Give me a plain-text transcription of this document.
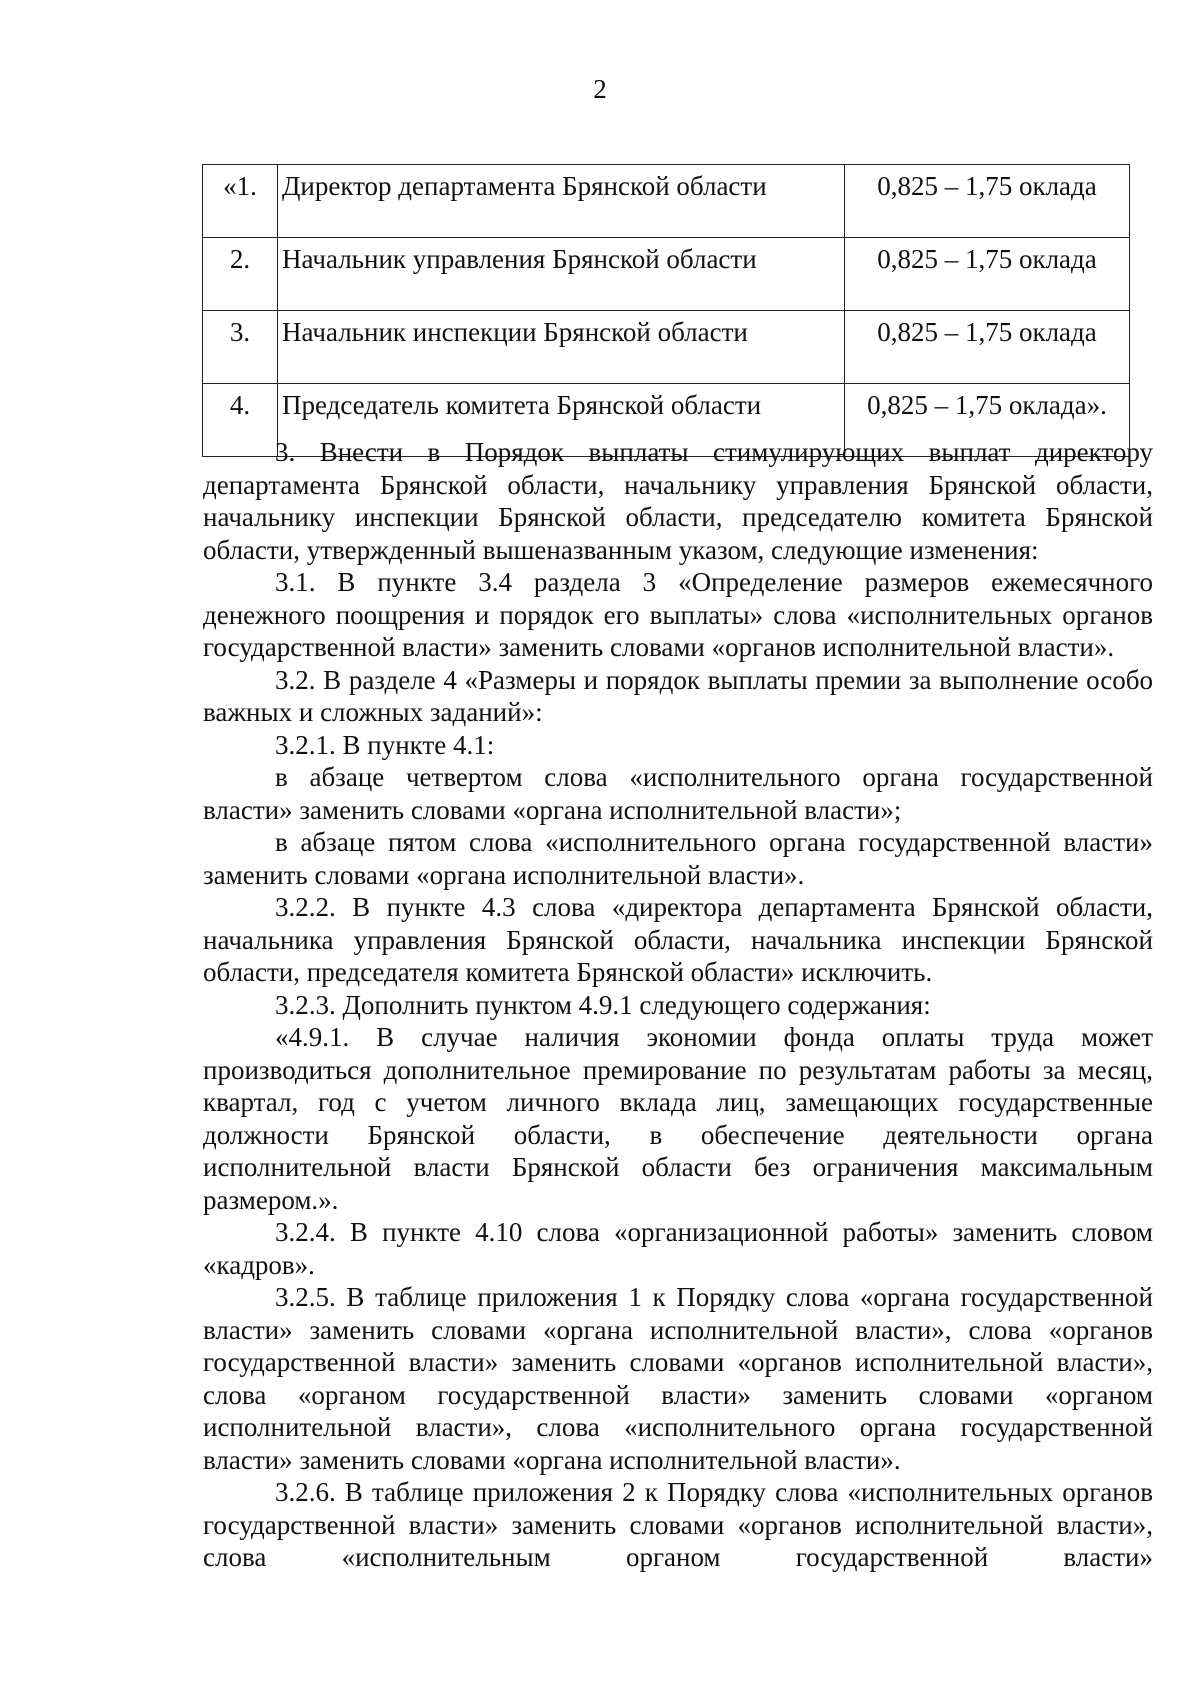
2
«1.	Директор департамента Брянской области	0,825 – 1,75 оклада
2.	Начальник управления Брянской области	0,825 – 1,75 оклада
3.	Начальник инспекции Брянской области	0,825 – 1,75 оклада
4.	Председатель комитета Брянской области	0,825 – 1,75 оклада».

3. Внести в Порядок выплаты стимулирующих выплат директору департамента Брянской области, начальнику управления Брянской области, начальнику инспекции Брянской области, председателю комитета Брянской области, утвержденный вышеназванным указом, следующие изменения:

3.1. В пункте 3.4 раздела 3 «Определение размеров ежемесячного денежного поощрения и порядок его выплаты» слова «исполнительных органов государственной власти» заменить словами «органов исполнительной власти».

3.2. В разделе 4 «Размеры и порядок выплаты премии за выполнение особо важных и сложных заданий»:

3.2.1. В пункте 4.1:

в абзаце четвертом слова «исполнительного органа государственной власти» заменить словами «органа исполнительной власти»;

в абзаце пятом слова «исполнительного органа государственной власти» заменить словами «органа исполнительной власти».

3.2.2. В пункте 4.3 слова «директора департамента Брянской области, начальника управления Брянской области, начальника инспекции Брянской области, председателя комитета Брянской области» исключить.

3.2.3. Дополнить пунктом 4.9.1 следующего содержания:

«4.9.1. В случае наличия экономии фонда оплаты труда может производиться дополнительное премирование по результатам работы за месяц, квартал, год с учетом личного вклада лиц, замещающих государственные должности Брянской области, в обеспечение деятельности органа исполнительной власти Брянской области без ограничения максимальным размером.».

3.2.4. В пункте 4.10 слова «организационной работы» заменить словом «кадров».

3.2.5. В таблице приложения 1 к Порядку слова «органа государственной власти» заменить словами «органа исполнительной власти», слова «органов государственной власти» заменить словами «органов исполнительной власти», слова «органом государственной власти» заменить словами «органом исполнительной власти», слова «исполнительного органа государственной власти» заменить словами «органа исполнительной власти».

3.2.6. В таблице приложения 2 к Порядку слова «исполнительных органов государственной власти» заменить словами «органов исполнительной власти», слова «исполнительным органом государственной власти»
